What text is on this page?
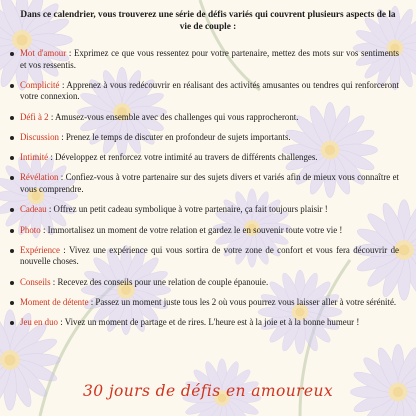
Dans ce calendrier, vous trouverez une série de défis variés qui couvrent plusieurs aspects de la vie de couple :
Mot d'amour : Exprimez ce que vous ressentez pour votre partenaire, mettez des mots sur vos sentiments et vos ressentis.
Complicité : Apprenez à vous redécouvrir en réalisant des activités amusantes ou tendres qui renforceront votre connexion.
Défi à 2 : Amusez-vous ensemble avec des challenges qui vous rapprocheront.
Discussion : Prenez le temps de discuter en profondeur de sujets importants.
Intimité : Développez et renforcez votre intimité au travers de différents challenges.
Révélation : Confiez-vous à votre partenaire sur des sujets divers et variés afin de mieux vous connaître et vous comprendre.
Cadeau : Offrez un petit cadeau symbolique à votre partenaire, ça fait toujours plaisir !
Photo : Immortalisez un moment de votre relation et gardez le en souvenir toute votre vie !
Expérience : Vivez une expérience qui vous sortira de votre zone de confort et vous fera découvrir de nouvelle choses.
Conseils : Recevez des conseils pour une relation de couple épanouie.
Moment de détente : Passez un moment juste tous les 2 où vous pourrez vous laisser aller à votre sérénité.
Jeu en duo : Vivez un moment de partage et de rires. L'heure est à la joie et à la bonne humeur !
30 jours de défis en amoureux
